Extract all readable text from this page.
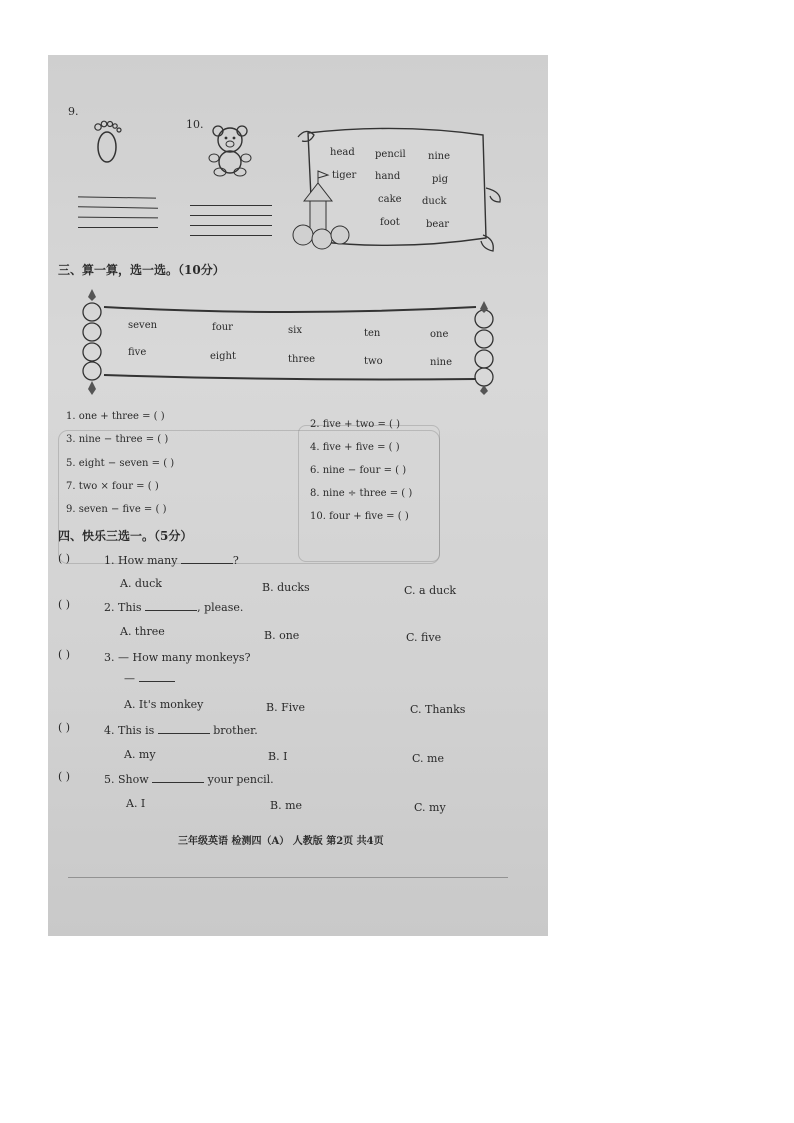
9.
10.
head pencil nine
tiger hand	pig
cake duck
foot	bear
三、算一算，选一选。（10分）
seven	four	six	ten	one
five	eight	three	two	nine
1. one + three = ( )
2. five + two = ( )
3. nine − three = ( )
4. five + five = ( )
5. eight − seven = ( )
6. nine − four = ( )
7. two × four = ( )
8. nine ÷ three = ( )
9. seven − five = ( )
10. four + five = ( )
四、快乐三选一。（5分）
( )	1. How many	?
A. duck	B. ducks	C. a duck
( )	2. This	, please.
A. three	B. one	C. five
( )	3. — How many monkeys?
—
A. It's monkey	B. Five	C. Thanks
( )	4. This is	brother.
A. my	B. I	C. me
( )	5. Show	your pencil.
A. I	B. me	C. my
三年级英语 检测四（A） 人教版 第2页 共4页
